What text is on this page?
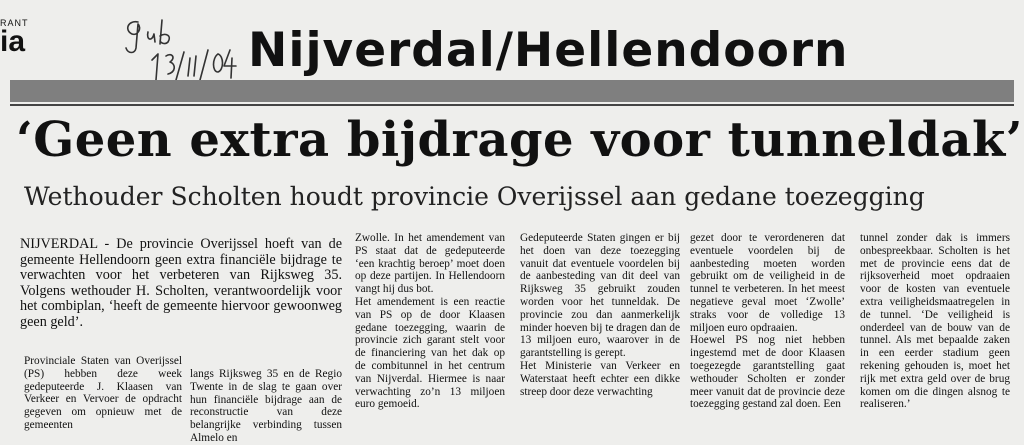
RANT
ia	Nijverdal/Hellendoorn
‘Geen extra bijdrage voor tunneldak’
Wethouder Scholten houdt provincie Overijssel aan gedane toezegging
NIJVERDAL - De provincie Overijssel hoeft van de gemeente Hellendoorn geen extra financiële bijdrage te verwachten voor het verbeteren van Rijksweg 35. Volgens wethouder H. Scholten, verantwoordelijk voor het combiplan, ‘heeft de gemeente hiervoor gewoonweg geen geld’.

Provinciale Staten van Overijssel (PS) hebben deze week gedeputeerde J. Klaasen van Verkeer en Vervoer de opdracht gegeven om opnieuw met de gemeenten

langs Rijksweg 35 en de Regio Twente in de slag te gaan over hun financiële bijdrage aan de reconstructie van deze belangrijke verbinding tussen Almelo en

Zwolle. In het amendement van PS staat dat de gedeputeerde ‘een krachtig beroep’ moet doen op deze partijen. In Hellendoorn vangt hij dus bot.

Het amendement is een reactie van PS op de door Klaasen gedane toezegging, waarin de provincie zich garant stelt voor de financiering van het dak op de combitunnel in het centrum van Nijverdal. Hiermee is naar verwachting zo’n 13 miljoen euro gemoeid.

Gedeputeerde Staten gingen er bij het doen van deze toezegging vanuit dat eventuele voordelen bij de aanbesteding van dit deel van Rijksweg 35 gebruikt zouden worden voor het tunneldak. De provincie zou dan aanmerkelijk minder hoeven bij te dragen dan de 13 miljoen euro, waarover in de garantstelling is gerept.

Het Ministerie van Verkeer en Waterstaat heeft echter een dikke streep door deze verwachting

gezet door te verordeneren dat eventuele voordelen bij de aanbesteding moeten worden gebruikt om de veiligheid in de tunnel te verbeteren. In het meest negatieve geval moet ‘Zwolle’ straks voor de volledige 13 miljoen euro opdraaien.

Hoewel PS nog niet hebben ingestemd met de door Klaasen toegezegde garantstelling gaat wethouder Scholten er zonder meer vanuit dat de provincie deze toezegging gestand zal doen. Een

tunnel zonder dak is immers onbespreekbaar. Scholten is het met de provincie eens dat de rijksoverheid moet opdraaien voor de kosten van eventuele extra veiligheidsmaatregelen in de tunnel. ‘De veiligheid is onderdeel van de bouw van de tunnel. Als met bepaalde zaken in een eerder stadium geen rekening gehouden is, moet het rijk met extra geld over de brug komen om die dingen alsnog te realiseren.’
